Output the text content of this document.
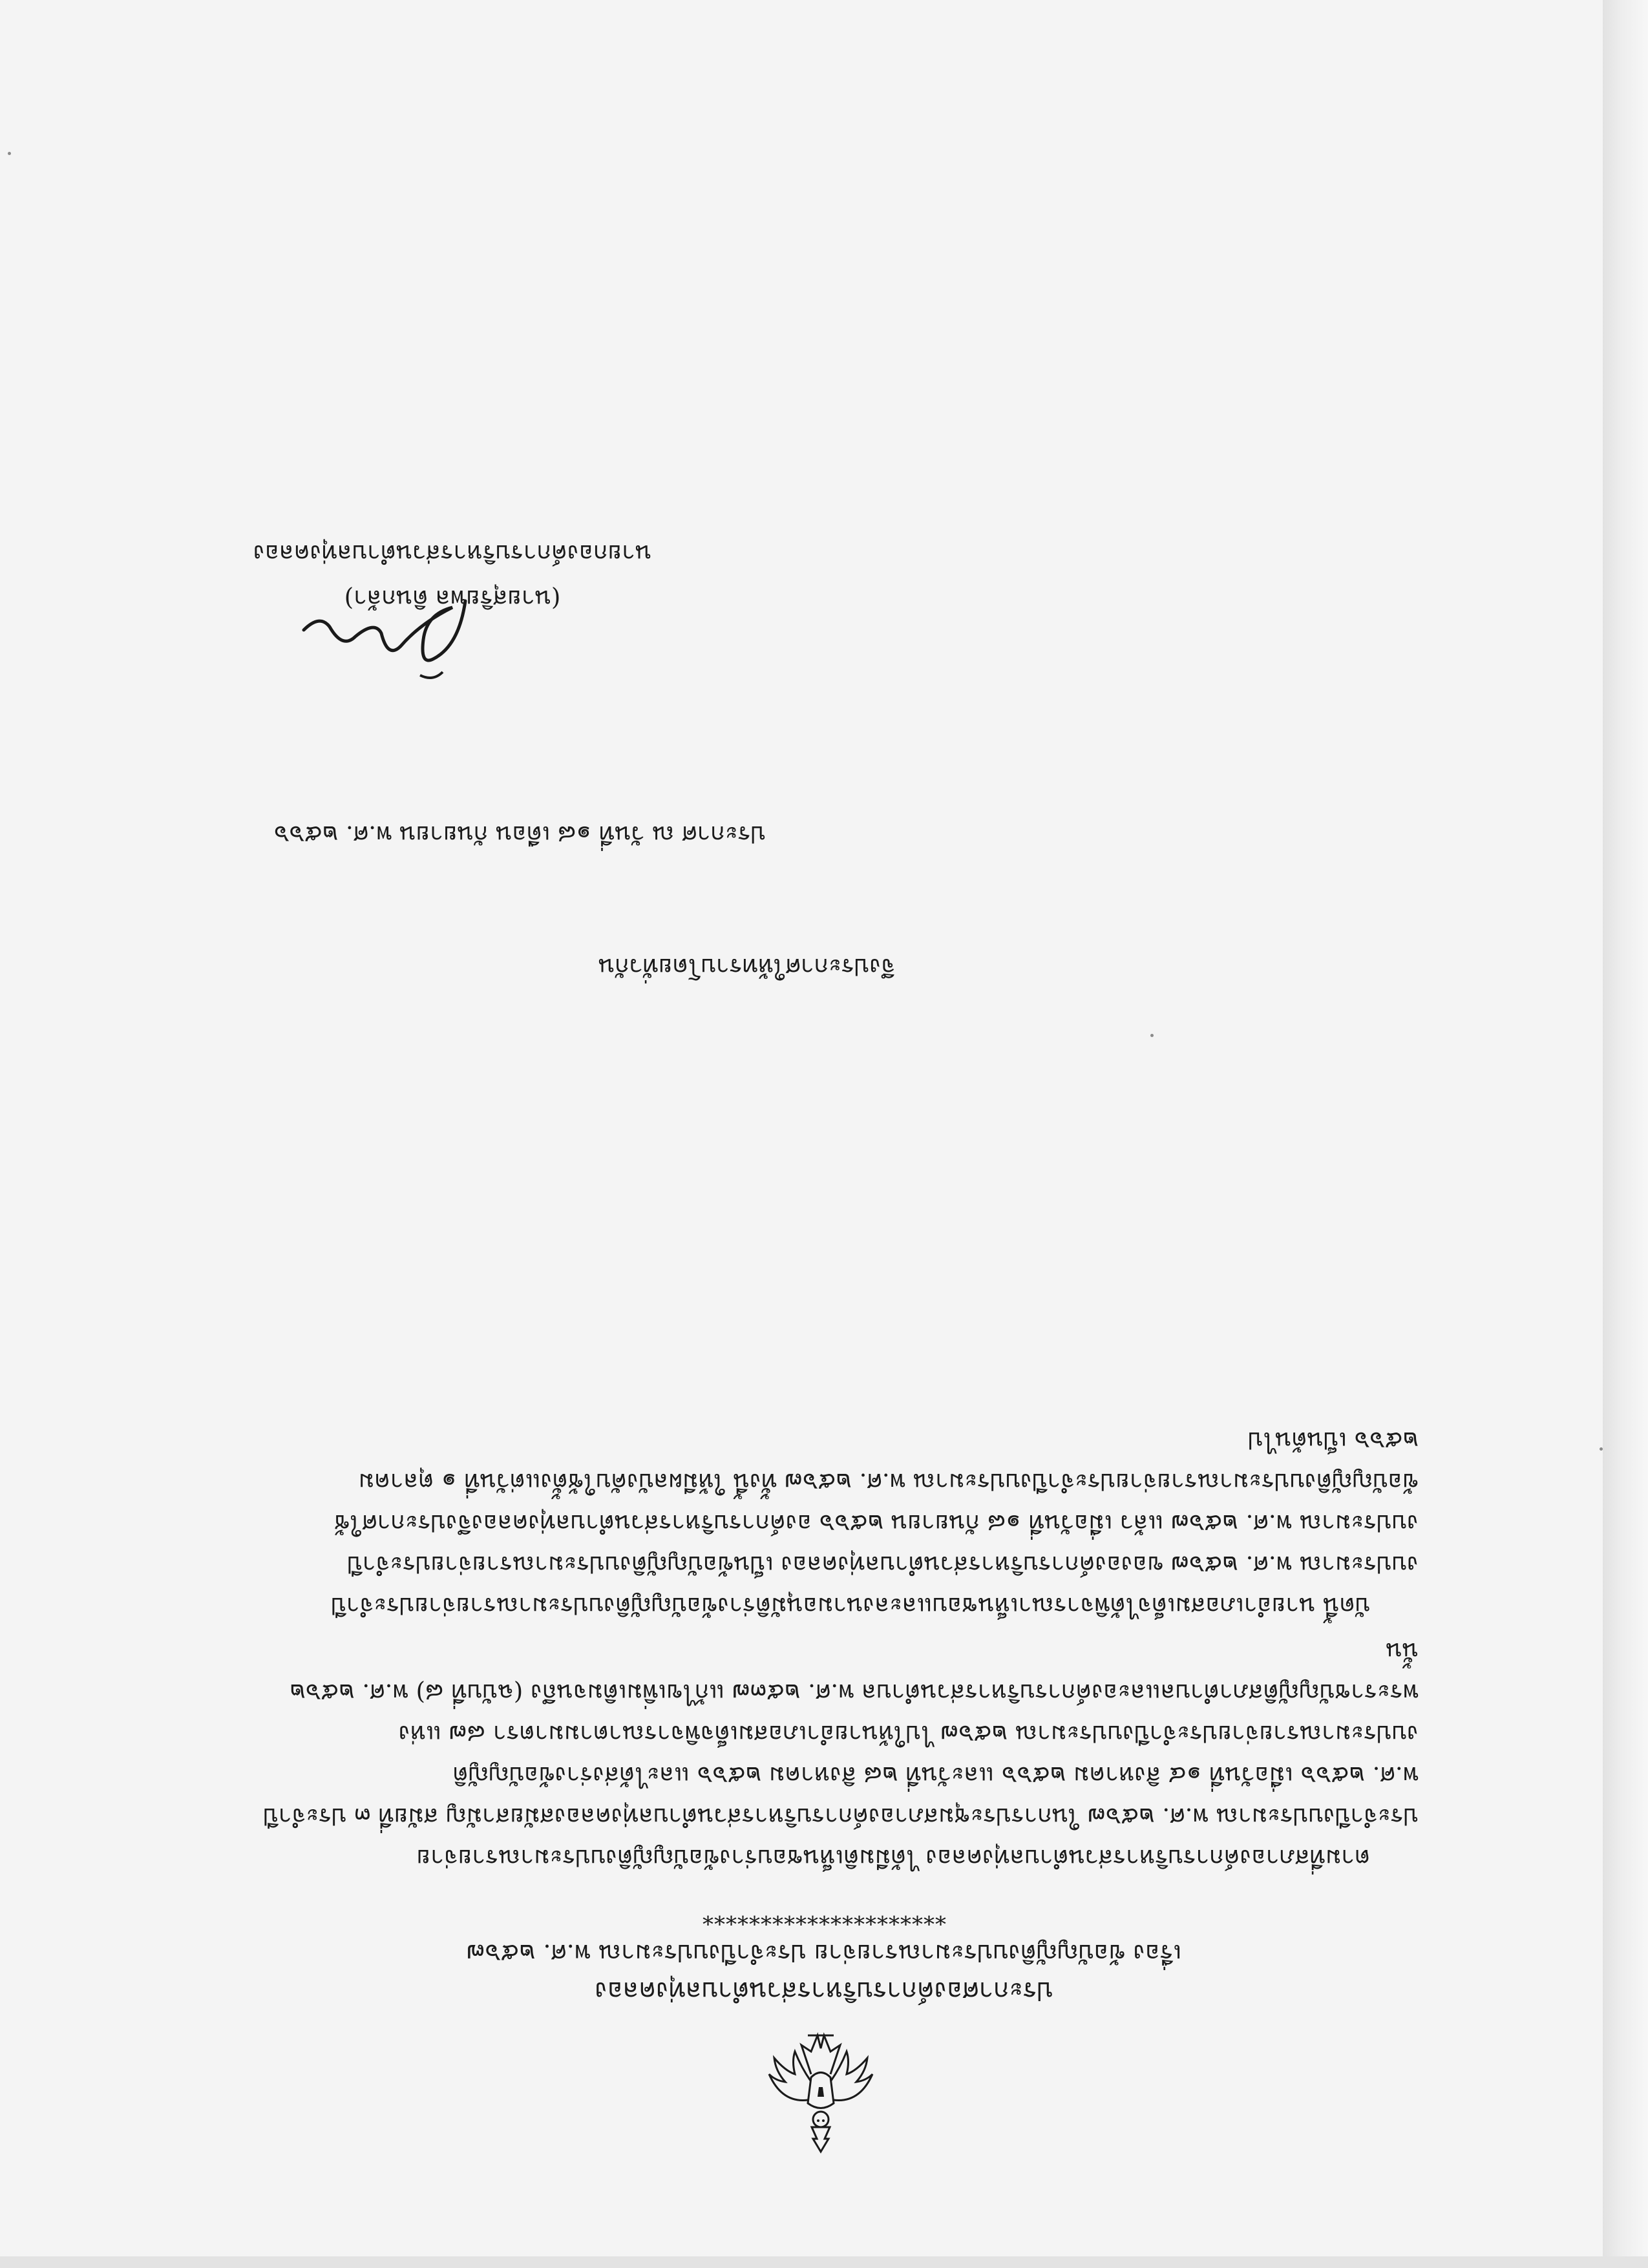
ประกาศองค์การบริหารส่วนตำบลทุ่งคลอง
เรื่อง ข้อบัญญัติงบประมาณรายจ่าย ประจำปีงบประมาณ พ.ศ. ๒๕๖๗
*********************
ตามที่สภาองค์การบริหารส่วนตำบลทุ่งคลอง ได้มีมติเห็นชอบร่างข้อบัญญัติงบประมาณรายจ่าย
ประจำปีงบประมาณ พ.ศ. ๒๕๖๗ ในการประชุมสภาองค์การบริหารส่วนตำบลทุ่งคลองสมัยสามัญ สมัยที่ ๓ ประจำปี
พ.ศ. ๒๕๖๖ เมื่อวันที่ ๑๔ สิงหาคม ๒๕๖๖ และวันที่ ๒๘ สิงหาคม ๒๕๖๖ และได้ส่งร่างข้อบัญญัติ
งบประมาณรายจ่ายประจำปีงบประมาณ ๒๕๖๗ ไปให้นายอำเภอสมเด็จพิจารณาตามมาตรา ๘๗ แห่ง
พระราชบัญญัติสภาตำบลและองค์การบริหารส่วนตำบล พ.ศ. ๒๕๓๗ แก้ไขเพิ่มเติมจนถึง (ฉบับที่ ๘) พ.ศ. ๒๕๖๒
นั้น
บัดนี้ นายอำเภอสมเด็จได้พิจารณาเห็นชอบและลงนามอนุมัติร่างข้อบัญญัติงบประมาณรายจ่ายประจำปี
งบประมาณ พ.ศ. ๒๕๖๗ ขององค์การบริหารส่วนตำบลทุ่งคลอง เป็นข้อบัญญัติงบประมาณรายจ่ายประจำปี
งบประมาณ พ.ศ. ๒๕๖๗ แล้ว เมื่อวันที่ ๑๘ กันยายน ๒๕๖๖ องค์การบริหารส่วนตำบลทุ่งคลองจึงประกาศใช้
ข้อบัญญัติงบประมาณรายจ่ายประจำปีงบประมาณ พ.ศ. ๒๕๖๗ ทั้งนี้ ให้มีผลบังคับใช้ตั้งแต่วันที่ ๑ ตุลาคม
๒๕๖๖ เป็นต้นไป
จึงประกาศให้ทราบโดยทั่วกัน
ประกาศ ณ วันที่ ๑๘ เดือน กันยายน พ.ศ. ๒๕๖๖
(นายสุริยพล ดินกล้า)
นายกองค์การบริหารส่วนตำบลทุ่งคลอง
